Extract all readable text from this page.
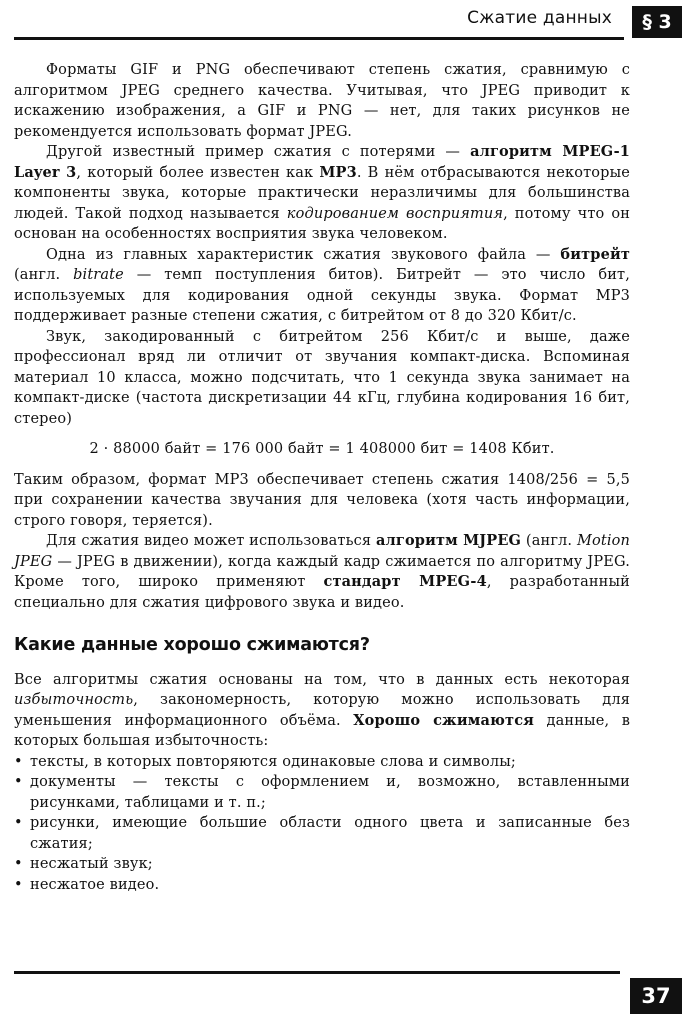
Сжатие данных	§ 3

Форматы GIF и PNG обеспечивают степень сжатия, сравнимую с алгоритмом JPEG среднего качества. Учитывая, что JPEG приводит к искажению изображения, а GIF и PNG — нет, для таких рисунков не рекомендуется использовать формат JPEG.

Другой известный пример сжатия с потерями — алгоритм MPEG-1 Layer 3, который более известен как MP3. В нём отбрасываются некоторые компоненты звука, которые практически неразличимы для большинства людей. Такой подход называется кодированием восприятия, потому что он основан на особенностях восприятия звука человеком.

Одна из главных характеристик сжатия звукового файла — битрейт (англ. bitrate — темп поступления битов). Битрейт — это число бит, используемых для кодирования одной секунды звука. Формат MP3 поддерживает разные степени сжатия, с битрейтом от 8 до 320 Кбит/с.

Звук, закодированный с битрейтом 256 Кбит/с и выше, даже профессионал вряд ли отличит от звучания компакт-диска. Вспоминая материал 10 класса, можно подсчитать, что 1 секунда звука занимает на компакт-диске (частота дискретизации 44 кГц, глубина кодирования 16 бит, стерео)

2 · 88000 байт = 176 000 байт = 1 408000 бит = 1408 Кбит.

Таким образом, формат MP3 обеспечивает степень сжатия 1408/256 = 5,5 при сохранении качества звучания для человека (хотя часть информации, строго говоря, теряется).

Для сжатия видео может использоваться алгоритм MJPEG (англ. Motion JPEG — JPEG в движении), когда каждый кадр сжимается по алгоритму JPEG. Кроме того, широко применяют стандарт MPEG-4, разработанный специально для сжатия цифрового звука и видео.

Какие данные хорошо сжимаются?

Все алгоритмы сжатия основаны на том, что в данных есть некоторая избыточность, закономерность, которую можно использовать для уменьшения информационного объёма. Хорошо сжимаются данные, в которых большая избыточность:

• тексты, в которых повторяются одинаковые слова и символы;
• документы — тексты с оформлением и, возможно, вставленными рисунками, таблицами и т. п.;
• рисунки, имеющие большие области одного цвета и записанные без сжатия;
• несжатый звук;
• несжатое видео.
37
